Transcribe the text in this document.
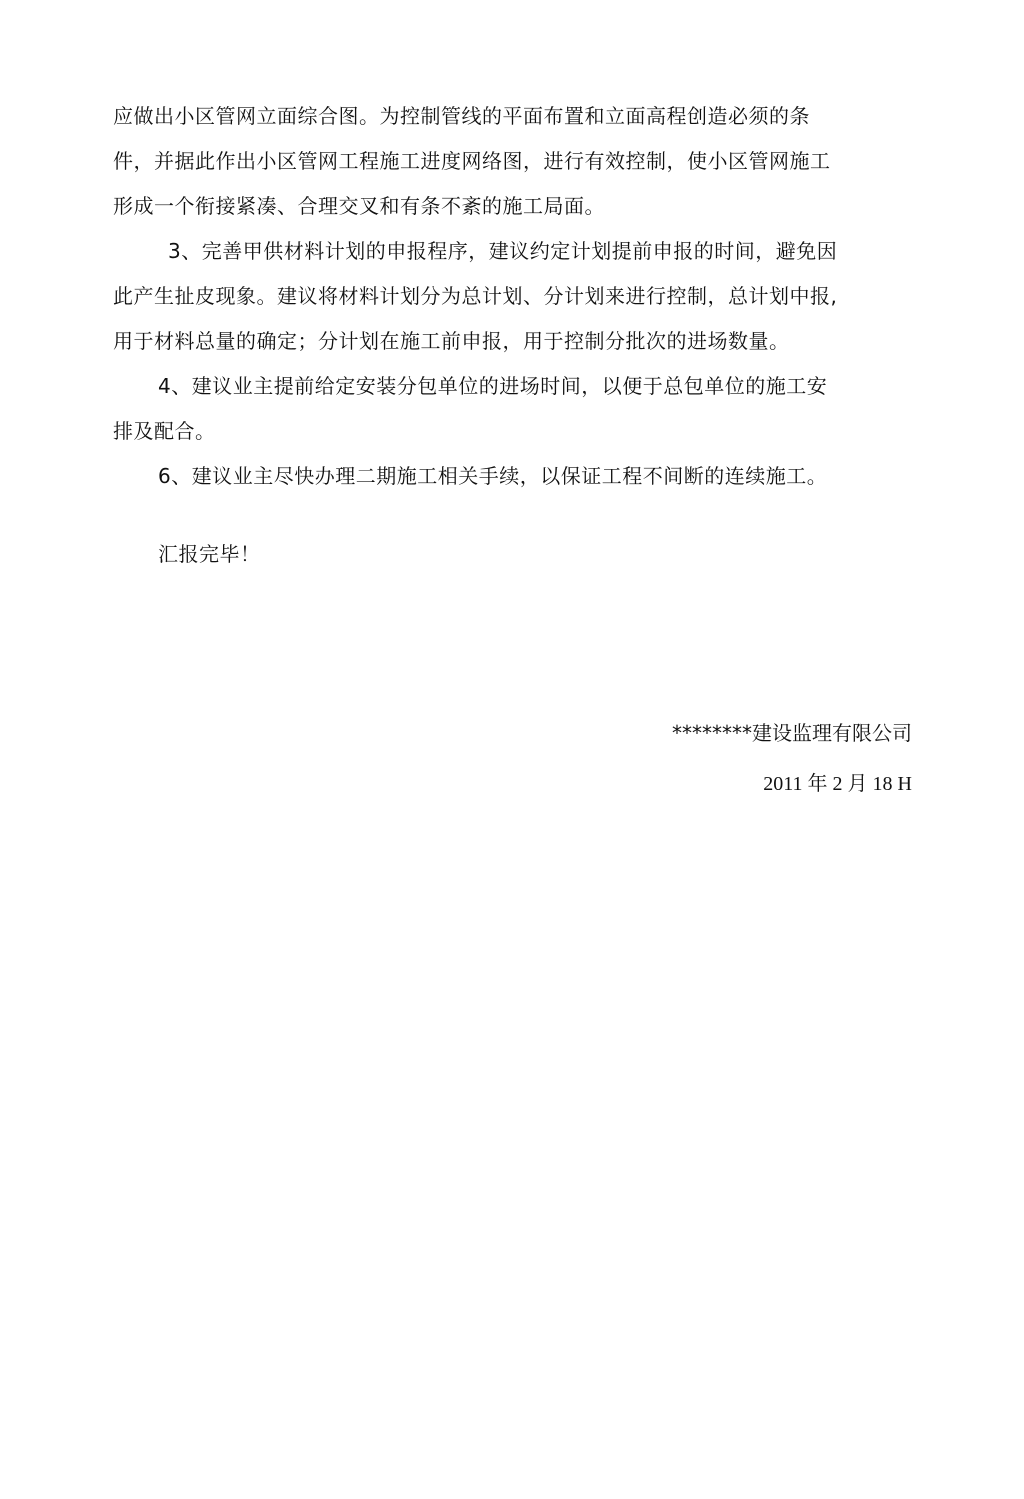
应做出小区管网立面综合图。为控制管线的平面布置和立面高程创造必须的条
件，并据此作出小区管网工程施工进度网络图，进行有效控制，使小区管网施工
形成一个衔接紧凑、合理交叉和有条不紊的施工局面。
3、完善甲供材料计划的申报程序，建议约定计划提前申报的时间，避免因
此产生扯皮现象。建议将材料计划分为总计划、分计划来进行控制，总计划中报,
用于材料总量的确定；分计划在施工前申报，用于控制分批次的进场数量。
4、建议业主提前给定安装分包单位的进场时间，以便于总包单位的施工安
排及配合。
6、建议业主尽快办理二期施工相关手续，以保证工程不间断的连续施工。
汇报完毕！
********建设监理有限公司
2011 年 2 月 18 H
